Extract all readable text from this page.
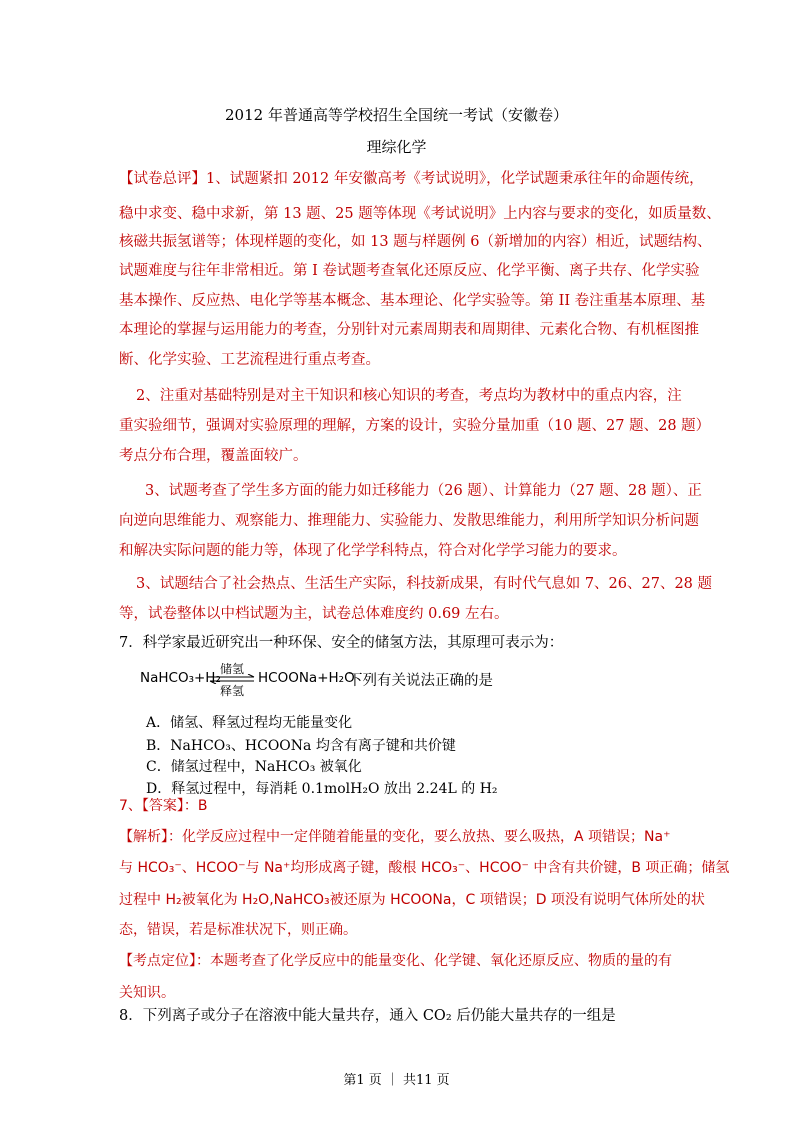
2012 年普通高等学校招生全国统一考试（安徽卷）
理综化学
【试卷总评】1、试题紧扣 2012 年安徽高考《考试说明》，化学试题秉承往年的命题传统，
稳中求变、稳中求新，第 13 题、25 题等体现《考试说明》上内容与要求的变化，如质量数、
核磁共振氢谱等；体现样题的变化，如 13 题与样题例 6（新增加的内容）相近，试题结构、
试题难度与往年非常相近。第 I 卷试题考查氧化还原反应、化学平衡、离子共存、化学实验
基本操作、反应热、电化学等基本概念、基本理论、化学实验等。第 II 卷注重基本原理、基
本理论的掌握与运用能力的考查，分别针对元素周期表和周期律、元素化合物、有机框图推
断、化学实验、工艺流程进行重点考查。
2、注重对基础特别是对主干知识和核心知识的考查，考点均为教材中的重点内容，注
重实验细节，强调对实验原理的理解，方案的设计，实验分量加重（10 题、27 题、28 题）
考点分布合理，覆盖面较广。
3、试题考查了学生多方面的能力如迁移能力（26 题）、计算能力（27 题、28 题）、正
向逆向思维能力、观察能力、推理能力、实验能力、发散思维能力，利用所学知识分析问题
和解决实际问题的能力等，体现了化学学科特点，符合对化学学习能力的要求。
3、试题结合了社会热点、生活生产实际，科技新成果，有时代气息如 7、26、27、28 题
等，试卷整体以中档试题为主，试卷总体难度约 0.69 左右。
7．科学家最近研究出一种环保、安全的储氢方法，其原理可表示为：
NaHCO₃+H₂
储氢
释氢
HCOONa+H₂O
下列有关说法正确的是
A．储氢、释氢过程均无能量变化
B．NaHCO₃、HCOONa 均含有离子键和共价键
C．储氢过程中，NaHCO₃ 被氧化
D．释氢过程中，每消耗 0.1molH₂O 放出 2.24L 的 H₂
7、【答案】：B
【解析】：化学反应过程中一定伴随着能量的变化，要么放热、要么吸热，A 项错误；Na⁺
与 HCO₃⁻、HCOO⁻与 Na⁺均形成离子键，酸根 HCO₃⁻、HCOO⁻ 中含有共价键，B 项正确；储氢
过程中 H₂被氧化为 H₂O,NaHCO₃被还原为 HCOONa，C 项错误；D 项没有说明气体所处的状
态，错误，若是标准状况下，则正确。
【考点定位】：本题考查了化学反应中的能量变化、化学键、氧化还原反应、物质的量的有
关知识。
8．下列离子或分子在溶液中能大量共存，通入 CO₂ 后仍能大量共存的一组是
第1 页 ｜ 共11 页
